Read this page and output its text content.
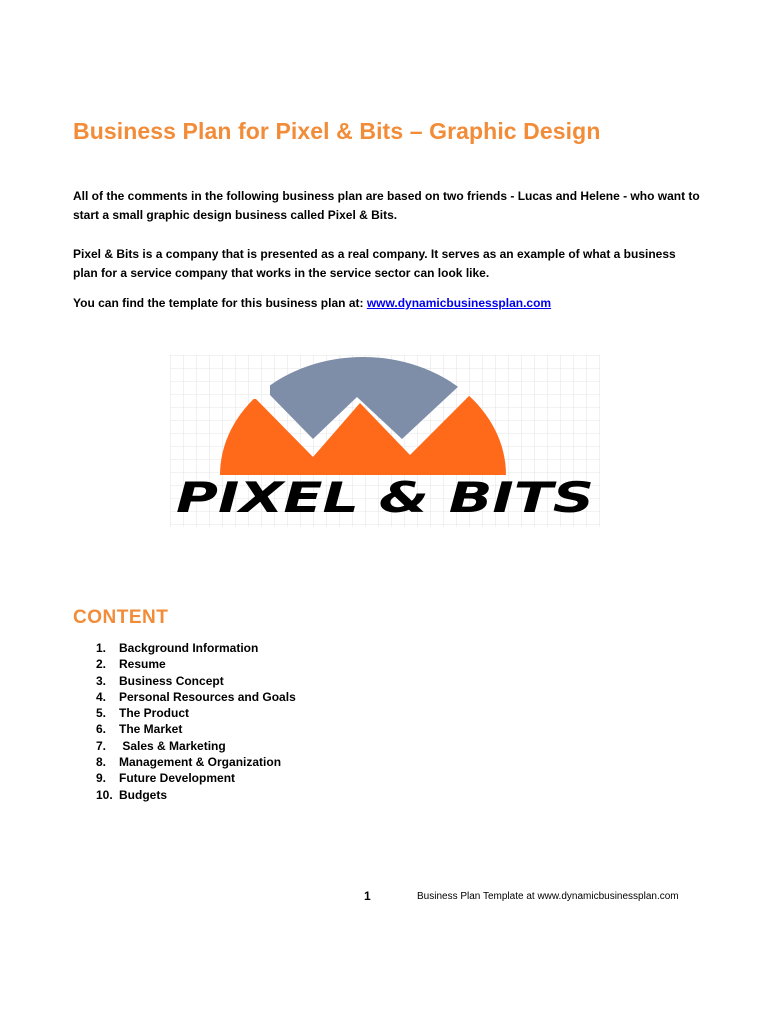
Business Plan for Pixel & Bits – Graphic Design
All of the comments in the following business plan are based on two friends - Lucas and Helene - who want to start a small graphic design business called Pixel & Bits.
Pixel & Bits is a company that is presented as a real company. It serves as an example of what a business plan for a service company that works in the service sector can look like.
You can find the template for this business plan at: www.dynamicbusinessplan.com
PIXEL & BITS
CONTENT
1.	Background Information
2.	Resume
3.	Business Concept
4.	Personal Resources and Goals
5.	The Product
6.	The Market
7.	Sales & Marketing
8.	Management & Organization
9.	Future Development
10. Budgets
1	Business Plan Template at www.dynamicbusinessplan.com
